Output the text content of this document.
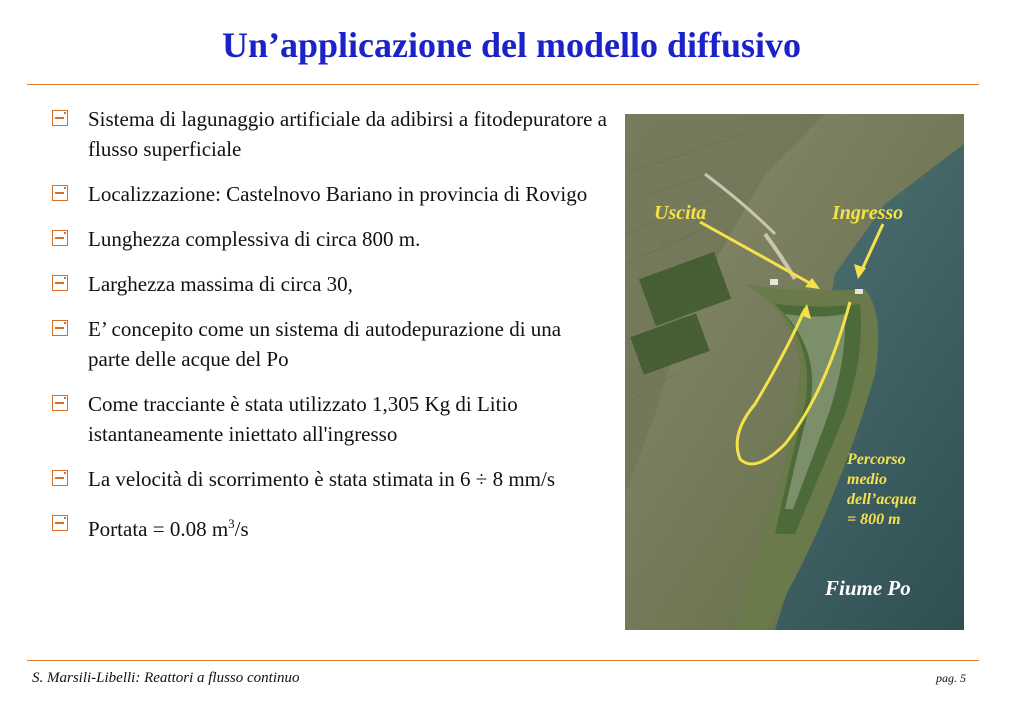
Un’applicazione del modello diffusivo
Sistema di lagunaggio artificiale da adibirsi a fitodepuratore a flusso superficiale
Localizzazione: Castelnovo Bariano in provincia di Rovigo
Lunghezza complessiva di circa 800 m.
Larghezza massima di circa 30,
E’ concepito come un sistema di autodepurazione di una parte delle acque del Po
Come tracciante è stata utilizzato 1,305 Kg di Litio istantaneamente iniettato all'ingresso
La velocità di scorrimento è stata stimata in 6 ÷ 8 mm/s
Portata = 0.08 $m^3/s$
Uscita	Ingresso
Percorso
medio
dell’acqua
= 800 m
Fiume Po
S. Marsili-Libelli: Reattori a flusso continuo	pag. 5
